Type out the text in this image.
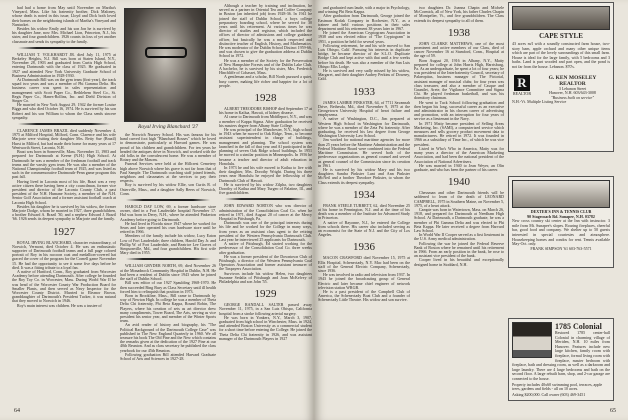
had had a home from May until November on Martha's Vineyard, Mass. Like his fraternity brother, Dick Maloney, whose death is noted in this issue, Lloyd and Dick both loved their homes on the neighboring islands of Martha's Vineyard and Nantucket.

Besides his widow Emily and his son Jon he is survived by his daughter Jane, now Mrs. Michael Lion, Princeton, N.J., his sister, and four grandchildren. 1926 counts its loss of yet another classmate and sends its sympathy to the family.

WILLIAM T. VOLKHARDT JR. died July 11, 1975 at Berkeley Heights, N.J. Bill was born at Staten Island, N.Y., November 28, 1903 and graduated from Curtis High School, entering Dartmouth with the class of 1925. He graduated in 1927 and attended New York University Graduate School of Business Administration in 1928-1930.

At Dartmouth Bill was on the gym team (first-year), the track squad two years and was a member of Phi Gamma Delta. His business career was spent in sales representation and management with Scott Paper Co., Bethlehem Steel Co., St. Regis Paper Co., Hanes-Rollins, Inc. and Diehl Division of Singer Co.

He married in New York August 29, 1942 the former Louise Biggs and who died October 16, 1974. He is survived by his son Robert and his son William to whom the Class sends sincere sympathy.

CLARENCE JAMES BRAZIL died suddenly November 4, 1975 at Milford Hospital, Milford, Conn. Clarence and his wife Marjorie were visiting their daughter Mrs. Betty Sue (Brazil) Hurst in Milford, but had made their home for many years at 17 Wentworth Street, Laconia, N.H.

Brazi was born in Somerville, Mass. November 11, 1903 and prepared for Dartmouth at Keene (N.H.) High School. At Dartmouth he was a member of the freshman football and track teams and the varsity gym team. He was also a member of the National Championship football team of 1925, and was listed as such in the commemorative Dartmouth-Penn game program this past fall.

Having lived in Laconia most of his life, Brazi was a very active citizen there having been a city councilman, former vice president and director of the Laconia County Club, a past president of the N.H. Humane Society, a member of the N.H. Senior Golf Association and a former assistant football coach at Laconia High School.

Besides his daughter he is survived by his widow, the former Marjorie Dodge, whom he married in 1927, three grandchildren, a brother Edward A. Brazil '30, and a nephew Edward J. Brazil '66. 1926 sends its deepest sympathy to Marjorie and the family.

1927

ROYAL IRVING BLANCHARD, character extraordinary, of Norwich, Vermont, died October 4. He was an enthusiastic supporter of Dartmouth football teams and a full page colored portrait of Roy in his raccoon coat and medallion-covered hat graced the cover of the program for the Cornell game November 15. He had the opportunity to see it some five days before he died. It was a fitting tribute to a loyal fan.

A native of Hartford, Conn., Roy graduated from Worcester Academy before attending Dartmouth. After college he founded the Roy Toy Co. in Worcester, Mass. During World War II he was head of the Worcester County War Production Board for Smaller Plants, and then served as Navy Inspector for the Worcester County District. Married to Eleanor Brown, granddaughter of Dartmouth's President Tucker, it was natural that they moved to Norwich in 1946.

Roy's main interest was children. He was a trustee of

Royal Irving Blanchard '27

the Norwich Nursery School. His was famous for his hand carved foot high "Blanchard Bosses" which he loved to demonstrate, particularly at Harvard games. He was proud of his children and grandchildren. For ten years he headed the antiques drive in Norwich, and worked with the old folks in the convalescent home. He was a member of Rotary and the Masons.

Funeral Services were held at the Hillcrest Cemetery high above Norwich where his grave is not far from that of Paul Sample. The Dartmouth coaching staff joined friends, neighbors and classmates at the services to pay their respects.

Roy is survived by his widow Ellie, son Curtis R. of Osterville, Mass., and a daughter Sally Beers of Norwich, Conn.

HAROLD DAY LOW, 69, a former hardware store owner, died in a Fort Lauderdale hospital November 17. Hal was born in Derry, N.H., where he attended Pinkerton Academy before going to Dartmouth.

He had lived in Florida since 1947 where he worked for Sears and later operated his own hardware store until he retired in 1966.

Members of the family include his widow, Lucy Eaton Low of Fort Lauderdale; three children, Harold Day Jr. and Phillip W. of Fort Lauderdale, and Beatrice Lee Graves of Simpsonville, Md., and four grandchildren. His first wife Mary died in 1955.

WILLIAM GRYDER NORTH, 69, died November 26 at the Monadnock Community Hospital in Dublin, N.H. He had been a resident of Dublin since 1943 when he joined the staff of Dublin School.

Bill was editor of our 1927 Spaulding 1968-1970. He then succeeded Bing Bury as Class Secretary until ill health forced him to relinquish that position in 1973.

Born in Brookline, Mass., Bill came to Dartmouth by way of Newton High. In college he was a member of Theta Delta Chi fraternity, Phi Beta Kappa, Round Robin, The Players, where his creation of sets as art director drew many compliments, Tower Board, The Arts, serving as vice president his senior year, and member of the Winter Sports team.

An avid reader of history and biography, his "The Political Background of the Dartmouth College Case" was published in The New England Quarterly in 1960. We all treasure his book The Old Pine and the New which contains the remarks given at the dedication of the 1927 Pine at our 40th Reunion. And as class secretary he published the class yearbook for our 45th Reunion.

Following graduation Bill attended Harvard Graduate School of Arts and Sciences in 1927-28.

Although a teacher by training and inclination, he served as a partner in Oriental Tea and Coffee Company in Boston (an inherited job) from 1928-36. In 1941 he joined the staff of Dublin School, a boys college preparatory boarding school, where he served for 30 years until his retirement. At various times he was director of studies and registrar, which included the offices of director of admissions and college guidance officer, but basically he was a much respected and distinctive teacher of English, History, and Mathematics. He was moderator of the Dublin School Distinct 1959-66, and was chosen to give the graduation address at Dublin School in 1972.

He was a member of the Society for the Preservation of New Hampshire Forests and of the Dublin Lake Club. A bachelor, he is survived by his sister, Mrs. Frederick Hinchliffe of Cohasset, Mass.

A gentleman and a scholar, Bill North pursued a quiet, busy career, making life richer and happier for a lot of people.

1928

ALBERT THEODORE BISHOP died September 17 at his home in Kailua, Hawaii, of kidney disease.

Al came to Dartmouth from Middleport, N.Y., and was a member of Kappa Sigma. After graduation he received his masters degree from Albany State College.

He was principal of the Manchester, N.Y., high school in 1943 when he moved to Oak Ridge, Tenn., to become assistant superintendent in charge of buildings, management and planning. The school system was launched in the fall of that year and Al participated in the planning of seven Oak Ridge school buildings. In 1951 he moved to a similar position in Minneapolis. In 1956 he became a teacher and director of adult education in Honolulu.

In 1973 he and his wife moved to Kailua to live with their daughter, Mrs. Dorothy Wright. During his three years near Honolulu he enjoyed the fellowship of the Dartmouth Club of Hawaii.

He is survived by his widow Zilpha, two daughters Dorothy of Kailua and Mary Turgeo of Palatine, Ill., and five grandchildren.

JOHN EDWARD NORTON who was director of administration of the Consolidation Coal Co. when he retired in 1971, died August 20 of cancer at the Mercy Hospital in Pittsburgh, Pa.

Dartmouth was one of the principal interests during his life and he worked for the College in many ways, from years as an assistant class agent to the retiring president of the Western Pennsylvania Dartmouth Club. Last year he interviewed 25 applicants for Dartmouth.

A native of Pittsburgh, Ed started working for the predecessor of the Consolidation Coal Co. three weeks after graduation.

He was a former president of the Downtown Club of Pittsburgh, a director of the Western Pennsylvania Coal Operators Association and former assistant treasurer of the Taxpayers Association.

Survivors include his widow Helen, two daughters Suzanne Sedalia of Pittsburgh and Joan McKelvey of Philadelphia and son John '55.

1929

GEORGE RANDALL SALTER passed away November 11, 1975, in a San Luis Obispo, California hospital from a stroke following arterial surgery.

He was born in Yonkers, N.Y., March 3, 1907, graduated from high school in Winchester, Mass. in 1924, and attended Boston University as a commercial student for a short time before entering the College. He joined the Theta Delta Chi fraternity in 1926, and was assistant manager of the Dartmouth Players in 1927

64

and graduated cum laude, with a major in Psychology, and winning Phi Beta Kappa.

After graduation from Dartmouth, George joined the Eastman Kodak Company in Rochester, N.Y., as a trainee and held various positions in their sales department until his retirement 38 years later in 1967.

He joined the American Cryptogram Association in 1938 and was elected editor of "The Cryptogram" in 1951, a position he held for several years.

Following retirement, he and his wife moved to San Luis Obispo, Calif. Pursuing his interests in duplicate bridge, he became director of the S.L.O. Duplicate Bridge Club and kept active with that until a few weeks before his death. He was also a member of the San Luis Obispo Elks Lodge.

He is survived and very sadly missed by his widow, Margaret, and their daughter Audrey Perkins of Downey, Calif.

1933

JAMES LAMBIE PINKSTER, 64, of 7711 Savannah Drive, Bethesda, Md., died November 9, 1975 at the Georgetown University Hospital of heart failure and emphysema.

A native of Washington, D.C., Jim prepared at Western High School in Washington for Dartmouth, where he was a member of the Zeta Psi fraternity. After graduating, he received his law degree from George Washington University Law School.

Jim worked for national maritime agencies for more than 25 years before the Maritime Administration and the Federal Maritime Board were combined into the Federal Maritime Commission. He served both of the predecessor organizations as general counsel and served as general counsel of the Commission since its creation in 1961.

He is survived by his widow Mary and his two daughters Sandra Pinkster Lunt and Ann Pinkster McNeil and a brother Theodore Pinkster, to whom the Class extends its deepest sympathy.

1934

FRANK STEELE TURBETT, 62, died November 25 at his home in Pennington, N.J. and at the time of his death was a member of the Institute for Advanced Study in Princeton.

A native of Bayonne, N.J., he entered the College from schools there. His career also included serving as an economist for the State of N.J. and the City of Los Angeles.

1936

MACON CRAWFORD died November 15, 1975 at Ellis Hospital, Schenectady, N.Y. Mac had been on the staff of the General Electric Company, Schenectady, since 1936.

He was involved in radio and television from 1937. In 1943 he joined the broadcasting group of General Electric and later became chief engineer of network television station WRGB.

He is a past president of the Campbell Club of America, the Schenectady Boat Club and a founder of Schenectady Little Theatre. His widow and son survive.

two daughters Dr. Joanna Chapin and Michele McCormick, all of New York, his father Charles Chapin of Montpelier, Vt., and five grandchildren. The Class extends its deepest sympathy to all of them.

1938

JOHN CLARKE MATTHEWS, one of the most prominent and active members of our Class, died of cancer November 16 at Stamford, Conn., Hospital at the age of 59.

Born August 20, 1916 in Albany, N.Y., Matty prepared for college at John Harris High, Harrisburg, Pa. As an undergraduate, he spent a lot of four years; he was president of the Interfraternity Council, secretary of Palaeopitus, business manager of The Pictorial, assistant manager of musical clubs; for four years was class treasurer, and also a member of Casque and Gauntlet, Arete, the Vigilance Committee and Sigma Chi. He played freshman basketball, and was his dormitory chairman.

He went to Tuck School following graduation and then began his long, successful career as an executive and administrator in his chosen career of advertising and promotion, with an interruption for four years of service as a lieutenant in the Navy.

In 1971 Matty became president of Selling Areas Marketing, Inc. (SAMI), a computerized service which measures and sells grocery product movement data to manufacturers. He retired in 1972. It was founded in 1966 as a subsidiary of Time Inc., of which he was vice president.

Listed in Who's Who in America, Matty was for many years a director of the American Marketing Association, and had been the national president of the Association of National Advertisers.

He was married in 1940 to Jean Weyer, an Olin graduate, and who has been the partner of his career.

1940

Chessman and other Dartmouth friends will be saddened to learn of the death of LEONARD CAMPBELL, 1975 in Southern Maine, on November 5, 1975, of a heart attack.

Campie was born in Watertown, Mass. on March 26, 1918, and prepared for Dartmouth at Needham High School. At Dartmouth, a Dartmouth graduate, he was a member of Phi Gamma Delta and was elected to Phi Beta Kappa. He later received a degree from Harvard Law School.

In World War II Cooper served as a first lieutenant in the U.S. Army medical administration.

Following the war he joined the Federal Reserve Bank of Boston where he remained until his retirement in 1966. From an early position in the bank, he rose to an assistant vice president of the bank.

Cooper lived in his beautiful and exceptionally designed home in Stoddard, N.H.

65
CAPE STYLE
43 acres m/l with a soundly constructed farm house, two-story barn, apple orchard and many other unique items which are part of the lovely surroundings of this small farm. House is ideal for the large family, with 5 bedrooms and 3 baths. Land is part wooded and part open, and the pond is not far from the house. Lebanon. $70's.
R
REALTOR
G. KEN MOSELEY
REALTOR
3 Lebanon Street
Hanover, N.H. 603/643-3008
"Business built on service"
N.H.-Vt. Multiple Listing Service
DEXTER'S INN & TENNIS CLUB
90 Stagecoach Rd. Sunapee, N.H. 03782
New cross country ski center at the Inn with instructor. 3 mile from Mt. Sunapee's slopes. Roaring fireplaces, cheerful bar, good food and company. We shelter up to 50 guests interested in special courtesies and atmosphere. Housekeeping homes and condos for rent. Tennis available May-Oct. only.
FRANK SIMPSON '61 603-763-5571
1785 Colonial
Restored 1785 center-hall Colonial in charming village of Meriden, N.H. 10 miles from Hanover. Features include new large kitchen, family room with fireplace, formal living room with fireplace, master bedroom with fireplace, bath and dressing room, as well as a darkroom and large laundry. There are 4 large bedrooms and bath on the second floor. A large rebuilt barn, shop, and 2-car garage are connected to the house.
Property includes 40x60 swimming pool, terraces, apple trees, gardens and fields - all on 10 acres.
Asking $200,000. Call owner (603) 469-3451
